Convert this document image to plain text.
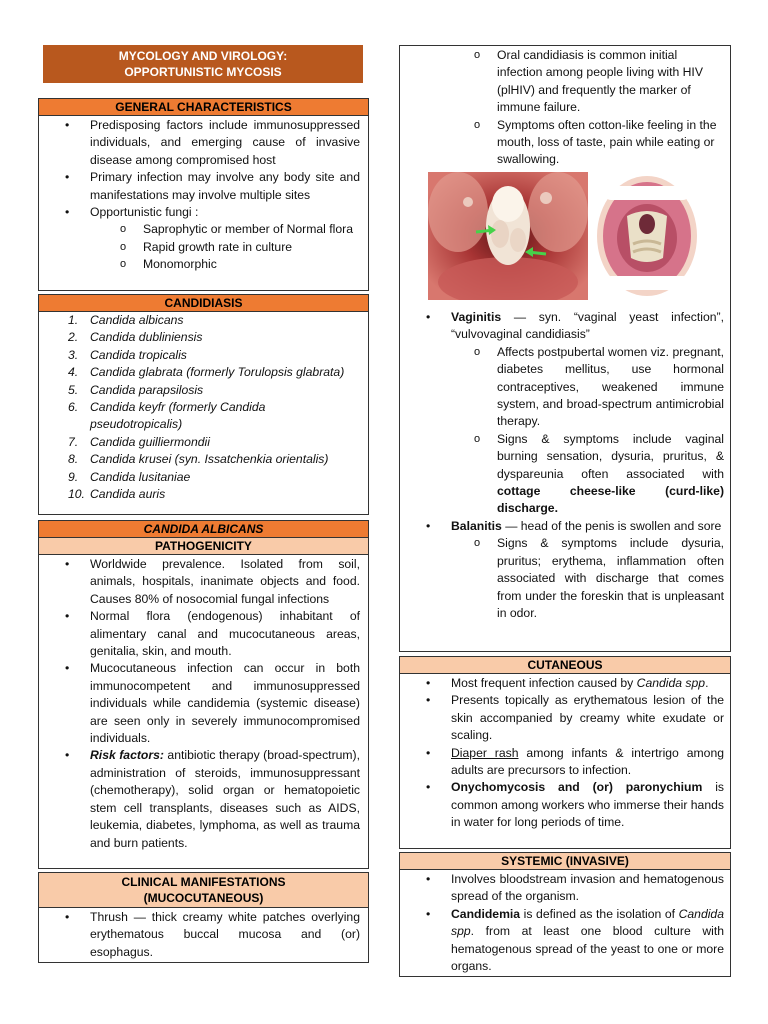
MYCOLOGY AND VIROLOGY:
OPPORTUNISTIC MYCOSIS
GENERAL CHARACTERISTICS
• Predisposing factors include immunosuppressed individuals, and emerging cause of invasive disease among compromised host
• Primary infection may involve any body site and manifestations may involve multiple sites
• Opportunistic fungi :
o Saprophytic or member of Normal flora
o Rapid growth rate in culture
o Monomorphic
CANDIDIASIS
1. Candida albicans
2. Candida dubliniensis
3. Candida tropicalis
4. Candida glabrata (formerly Torulopsis glabrata)
5. Candida parapsilosis
6. Candida keyfr (formerly Candida pseudotropicalis)
7. Candida guilliermondii
8. Candida krusei (syn. Issatchenkia orientalis)
9. Candida lusitaniae
10. Candida auris
CANDIDA ALBICANS
PATHOGENICITY
• Worldwide prevalence. Isolated from soil, animals, hospitals, inanimate objects and food. Causes 80% of nosocomial fungal infections
• Normal flora (endogenous) inhabitant of alimentary canal and mucocutaneous areas, genitalia, skin, and mouth.
• Mucocutaneous infection can occur in both immunocompetent and immunosuppressed individuals while candidemia (systemic disease) are seen only in severely immunocompromised individuals.
• Risk factors: antibiotic therapy (broad-spectrum), administration of steroids, immunosuppressant (chemotherapy), solid organ or hematopoietic stem cell transplants, diseases such as AIDS, leukemia, diabetes, lymphoma, as well as trauma and burn patients.
CLINICAL MANIFESTATIONS
(MUCOCUTANEOUS)
• Thrush — thick creamy white patches overlying erythematous buccal mucosa and (or) esophagus.
o Oral candidiasis is common initial infection among people living with HIV (plHIV) and frequently the marker of immune failure.
o Symptoms often cotton-like feeling in the mouth, loss of taste, pain while eating or swallowing.
• Vaginitis — syn. “vaginal yeast infection”, “vulvovaginal candidiasis”
o Affects postpubertal women viz. pregnant, diabetes mellitus, use hormonal contraceptives, weakened immune system, and broad-spectrum antimicrobial therapy.
o Signs & symptoms include vaginal burning sensation, dysuria, pruritus, & dyspareunia often associated with cottage cheese-like (curd-like) discharge.
• Balanitis — head of the penis is swollen and sore
o Signs & symptoms include dysuria, pruritus; erythema, inflammation often associated with discharge that comes from under the foreskin that is unpleasant in odor.
CUTANEOUS
• Most frequent infection caused by Candida spp.
• Presents topically as erythematous lesion of the skin accompanied by creamy white exudate or scaling.
• Diaper rash among infants & intertrigo among adults are precursors to infection.
• Onychomycosis and (or) paronychium is common among workers who immerse their hands in water for long periods of time.
SYSTEMIC (INVASIVE)
• Involves bloodstream invasion and hematogenous spread of the organism.
• Candidemia is defined as the isolation of Candida spp. from at least one blood culture with hematogenous spread of the yeast to one or more organs.
